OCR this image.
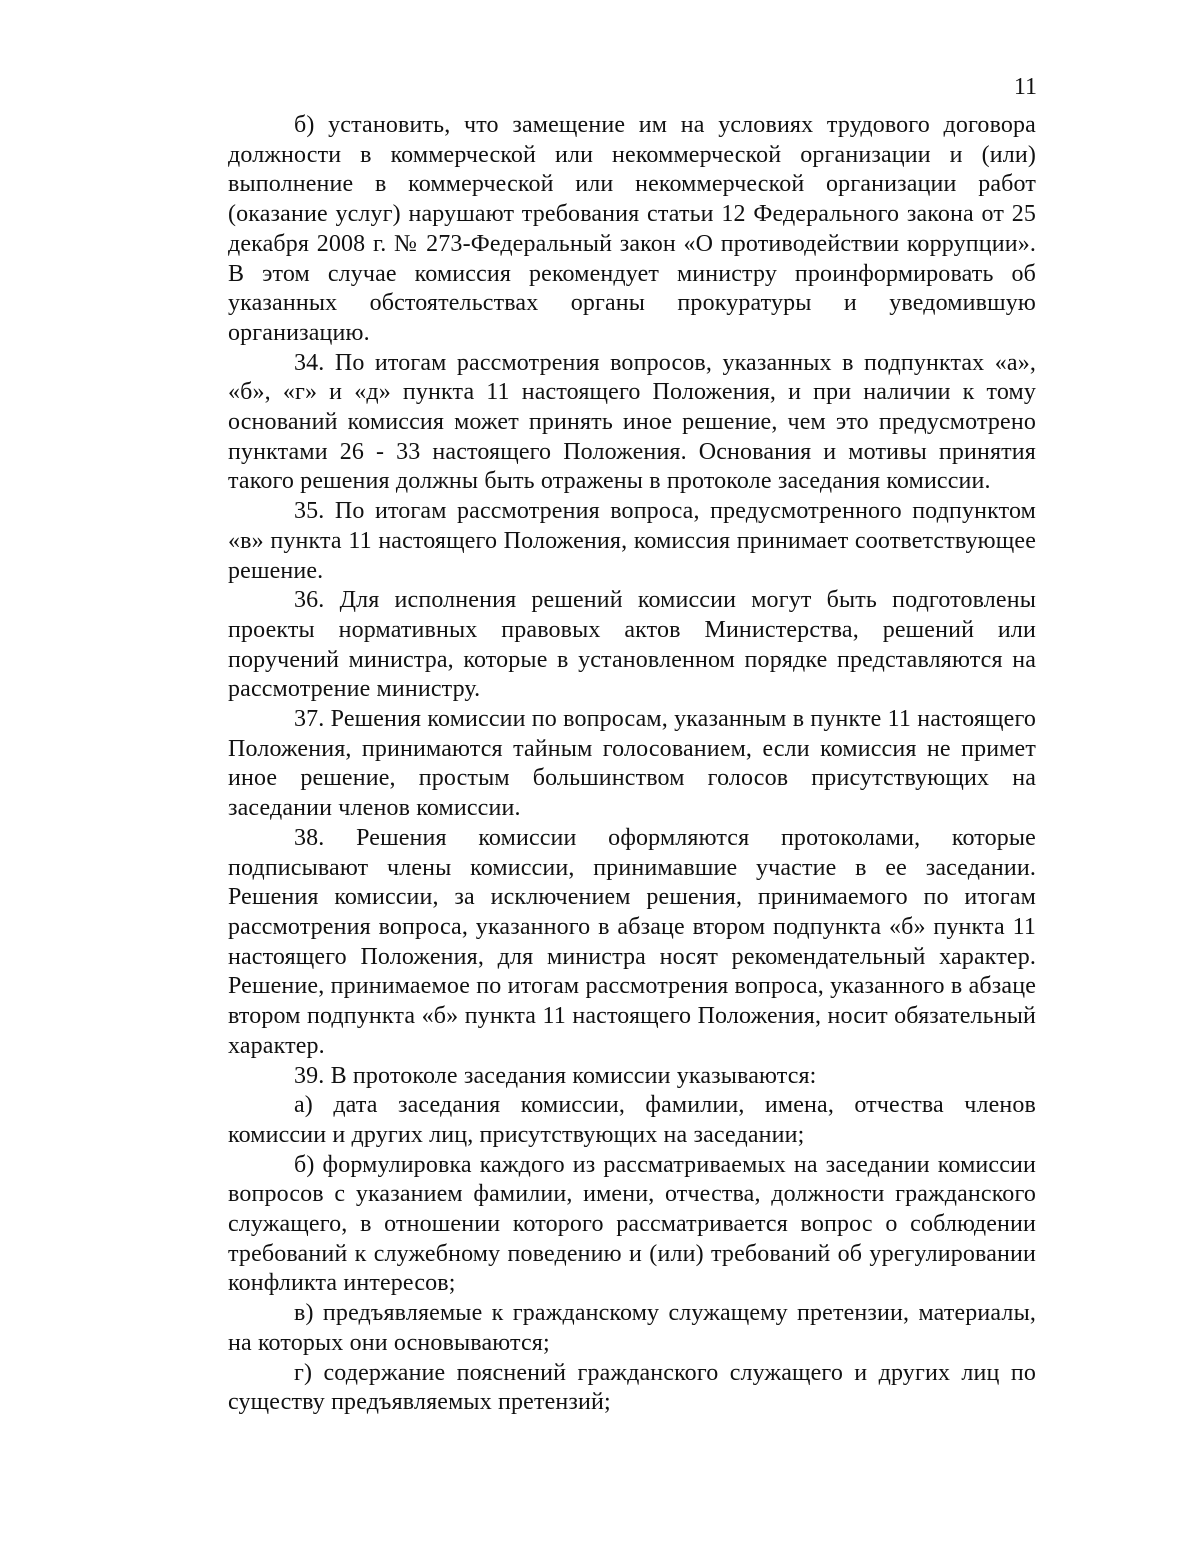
11

б) установить, что замещение им на условиях трудового договора должности в коммерческой или некоммерческой организации и (или) выполнение в коммерческой или некоммерческой организации работ (оказание услуг) нарушают требования статьи 12 Федерального закона от 25 декабря 2008 г. № 273-Федеральный закон «О противодействии коррупции». В этом случае комиссия рекомендует министру проинформировать об указанных обстоятельствах органы прокуратуры и уведомившую организацию.

34. По итогам рассмотрения вопросов, указанных в подпунктах «а», «б», «г» и «д» пункта 11 настоящего Положения, и при наличии к тому оснований комиссия может принять иное решение, чем это предусмотрено пунктами 26 - 33 настоящего Положения. Основания и мотивы принятия такого решения должны быть отражены в протоколе заседания комиссии.

35. По итогам рассмотрения вопроса, предусмотренного подпунктом «в» пункта 11 настоящего Положения, комиссия принимает соответствующее решение.

36. Для исполнения решений комиссии могут быть подготовлены проекты нормативных правовых актов Министерства, решений или поручений министра, которые в установленном порядке представляются на рассмотрение министру.

37. Решения комиссии по вопросам, указанным в пункте 11 настоящего Положения, принимаются тайным голосованием, если комиссия не примет иное решение, простым большинством голосов присутствующих на заседании членов комиссии.

38. Решения комиссии оформляются протоколами, которые подписывают члены комиссии, принимавшие участие в ее заседании. Решения комиссии, за исключением решения, принимаемого по итогам рассмотрения вопроса, указанного в абзаце втором подпункта «б» пункта 11 настоящего Положения, для министра носят рекомендательный характер. Решение, принимаемое по итогам рассмотрения вопроса, указанного в абзаце втором подпункта «б» пункта 11 настоящего Положения, носит обязательный характер.

39. В протоколе заседания комиссии указываются:

а) дата заседания комиссии, фамилии, имена, отчества членов комиссии и других лиц, присутствующих на заседании;

б) формулировка каждого из рассматриваемых на заседании комиссии вопросов с указанием фамилии, имени, отчества, должности гражданского служащего, в отношении которого рассматривается вопрос о соблюдении требований к служебному поведению и (или) требований об урегулировании конфликта интересов;

в) предъявляемые к гражданскому служащему претензии, материалы, на которых они основываются;

г) содержание пояснений гражданского служащего и других лиц по существу предъявляемых претензий;
